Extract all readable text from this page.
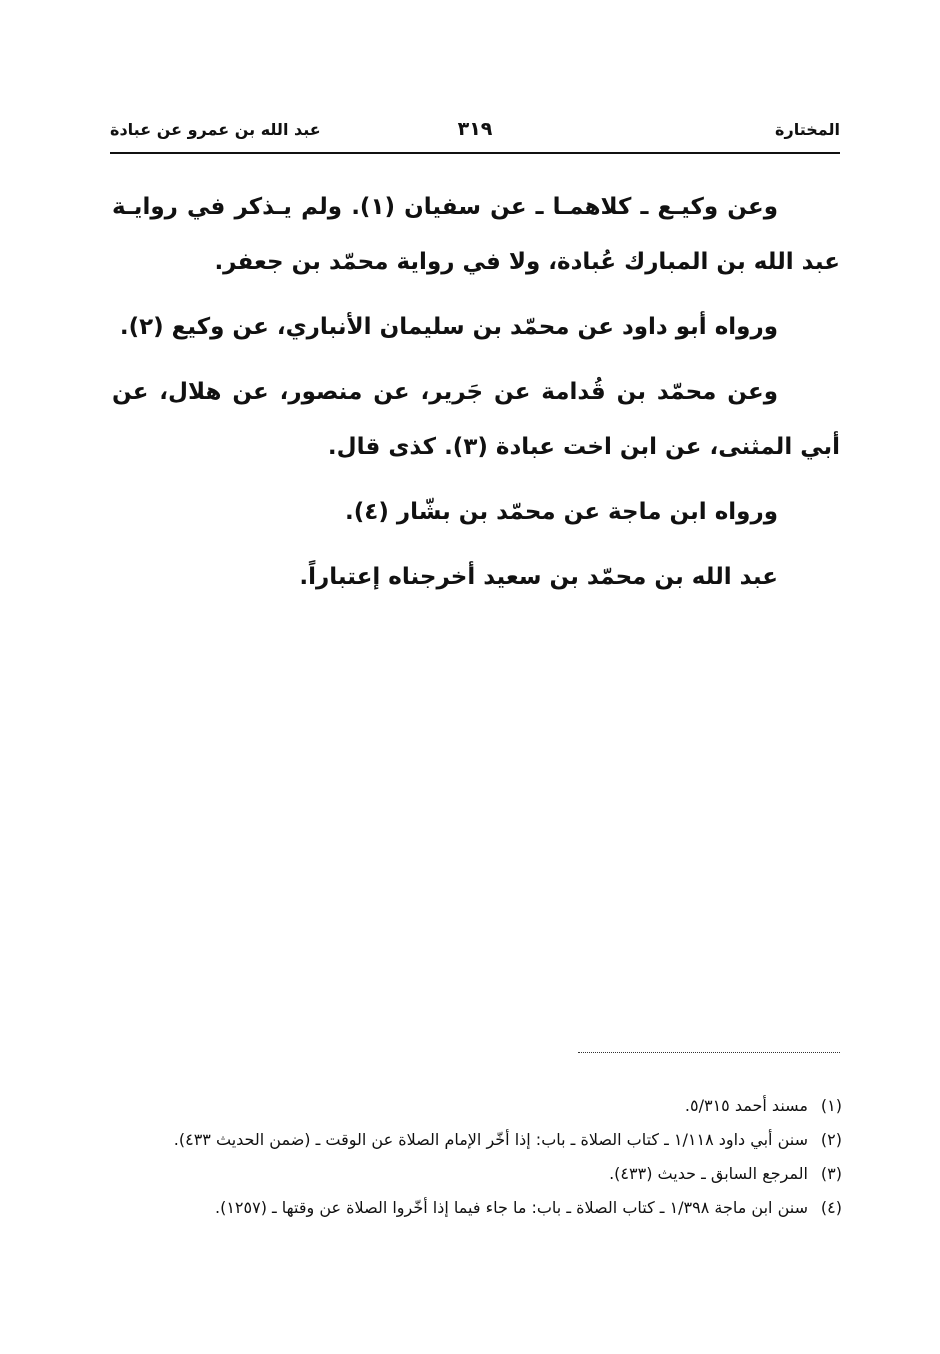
المختارة
٣١٩
عبد الله بن عمرو عن عبادة

وعن وكيـع ـ كلاهمـا ـ عن سفيان (١). ولم يـذكر في روايـة عبد الله بن المبارك عُبادة، ولا في رواية محمّد بن جعفر.

ورواه أبو داود عن محمّد بن سليمان الأنباري، عن وكيع (٢).

وعن محمّد بن قُدامة عن جَرير، عن منصور، عن هلال، عن أبي المثنى، عن ابن اخت عبادة (٣). كذى قال.

ورواه ابن ماجة عن محمّد بن بشّار (٤).

عبد الله بن محمّد بن سعيد أخرجناه إعتباراً.

(١)مسند أحمد ٥/٣١٥.
(٢)سنن أبي داود ١/١١٨ ـ كتاب الصلاة ـ باب: إذا أخّر الإمام الصلاة عن الوقت ـ (ضمن الحديث ٤٣٣).
(٣)المرجع السابق ـ حديث (٤٣٣).
(٤)سنن ابن ماجة ١/٣٩٨ ـ كتاب الصلاة ـ باب: ما جاء فيما إذا أخّروا الصلاة عن وقتها ـ (١٢٥٧).
